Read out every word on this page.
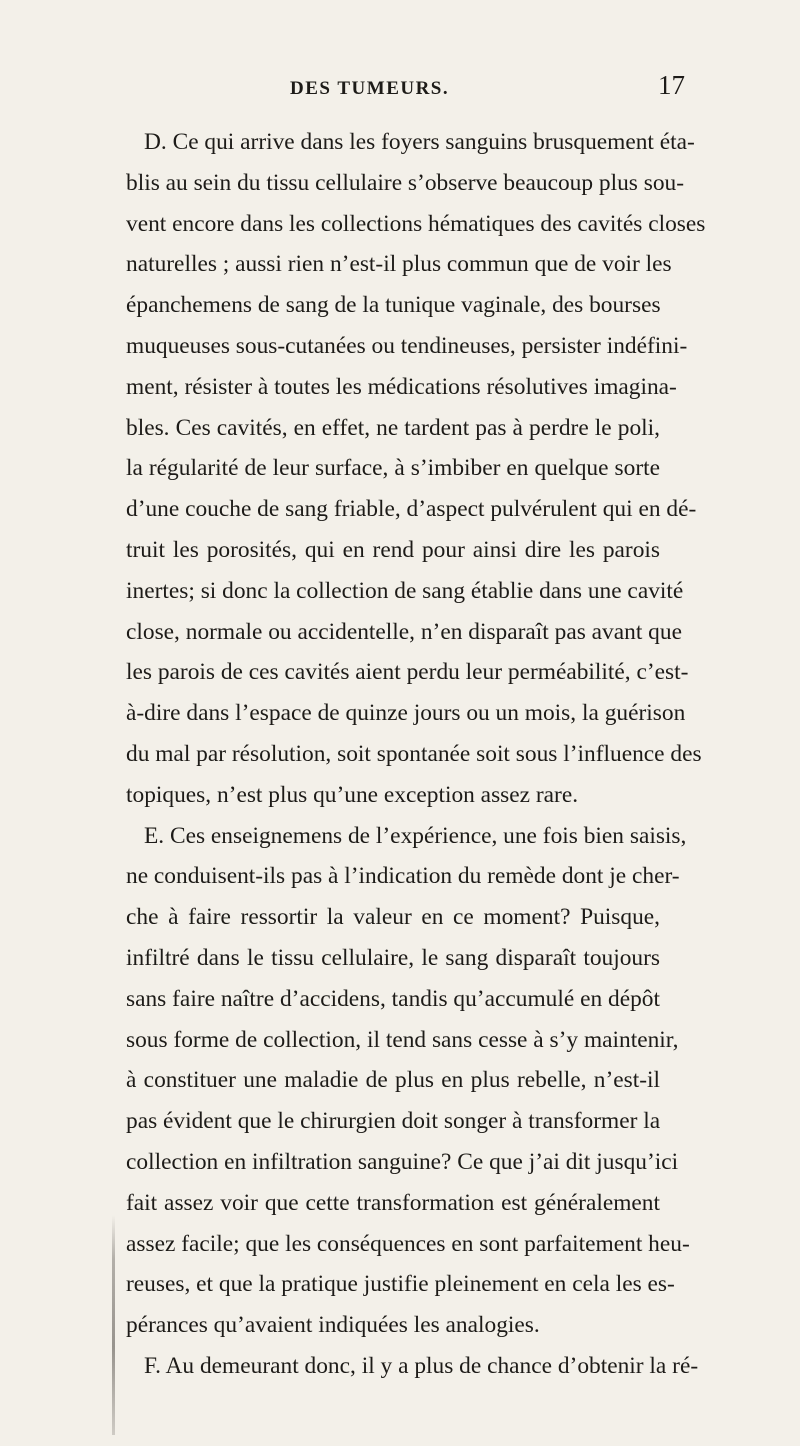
DES TUMEURS.	17
D. Ce qui arrive dans les foyers sanguins brusquement éta-
blis au sein du tissu cellulaire s’observe beaucoup plus sou-
vent encore dans les collections hématiques des cavités closes
naturelles ; aussi rien n’est-il plus commun que de voir les
épanchemens de sang de la tunique vaginale, des bourses
muqueuses sous-cutanées ou tendineuses, persister indéfini-
ment, résister à toutes les médications résolutives imagina-
bles. Ces cavités, en effet, ne tardent pas à perdre le poli,
la régularité de leur surface, à s’imbiber en quelque sorte
d’une couche de sang friable, d’aspect pulvérulent qui en dé-
truit les porosités, qui en rend pour ainsi dire les parois
inertes; si donc la collection de sang établie dans une cavité
close, normale ou accidentelle, n’en disparaît pas avant que
les parois de ces cavités aient perdu leur perméabilité, c’est-
à-dire dans l’espace de quinze jours ou un mois, la guérison
du mal par résolution, soit spontanée soit sous l’influence des
topiques, n’est plus qu’une exception assez rare.
E. Ces enseignemens de l’expérience, une fois bien saisis,
ne conduisent-ils pas à l’indication du remède dont je cher-
che à faire ressortir la valeur en ce moment? Puisque,
infiltré dans le tissu cellulaire, le sang disparaît toujours
sans faire naître d’accidens, tandis qu’accumulé en dépôt
sous forme de collection, il tend sans cesse à s’y maintenir,
à constituer une maladie de plus en plus rebelle, n’est-il
pas évident que le chirurgien doit songer à transformer la
collection en infiltration sanguine? Ce que j’ai dit jusqu’ici
fait assez voir que cette transformation est généralement
assez facile; que les conséquences en sont parfaitement heu-
reuses, et que la pratique justifie pleinement en cela les es-
pérances qu’avaient indiquées les analogies.
F. Au demeurant donc, il y a plus de chance d’obtenir la ré-
